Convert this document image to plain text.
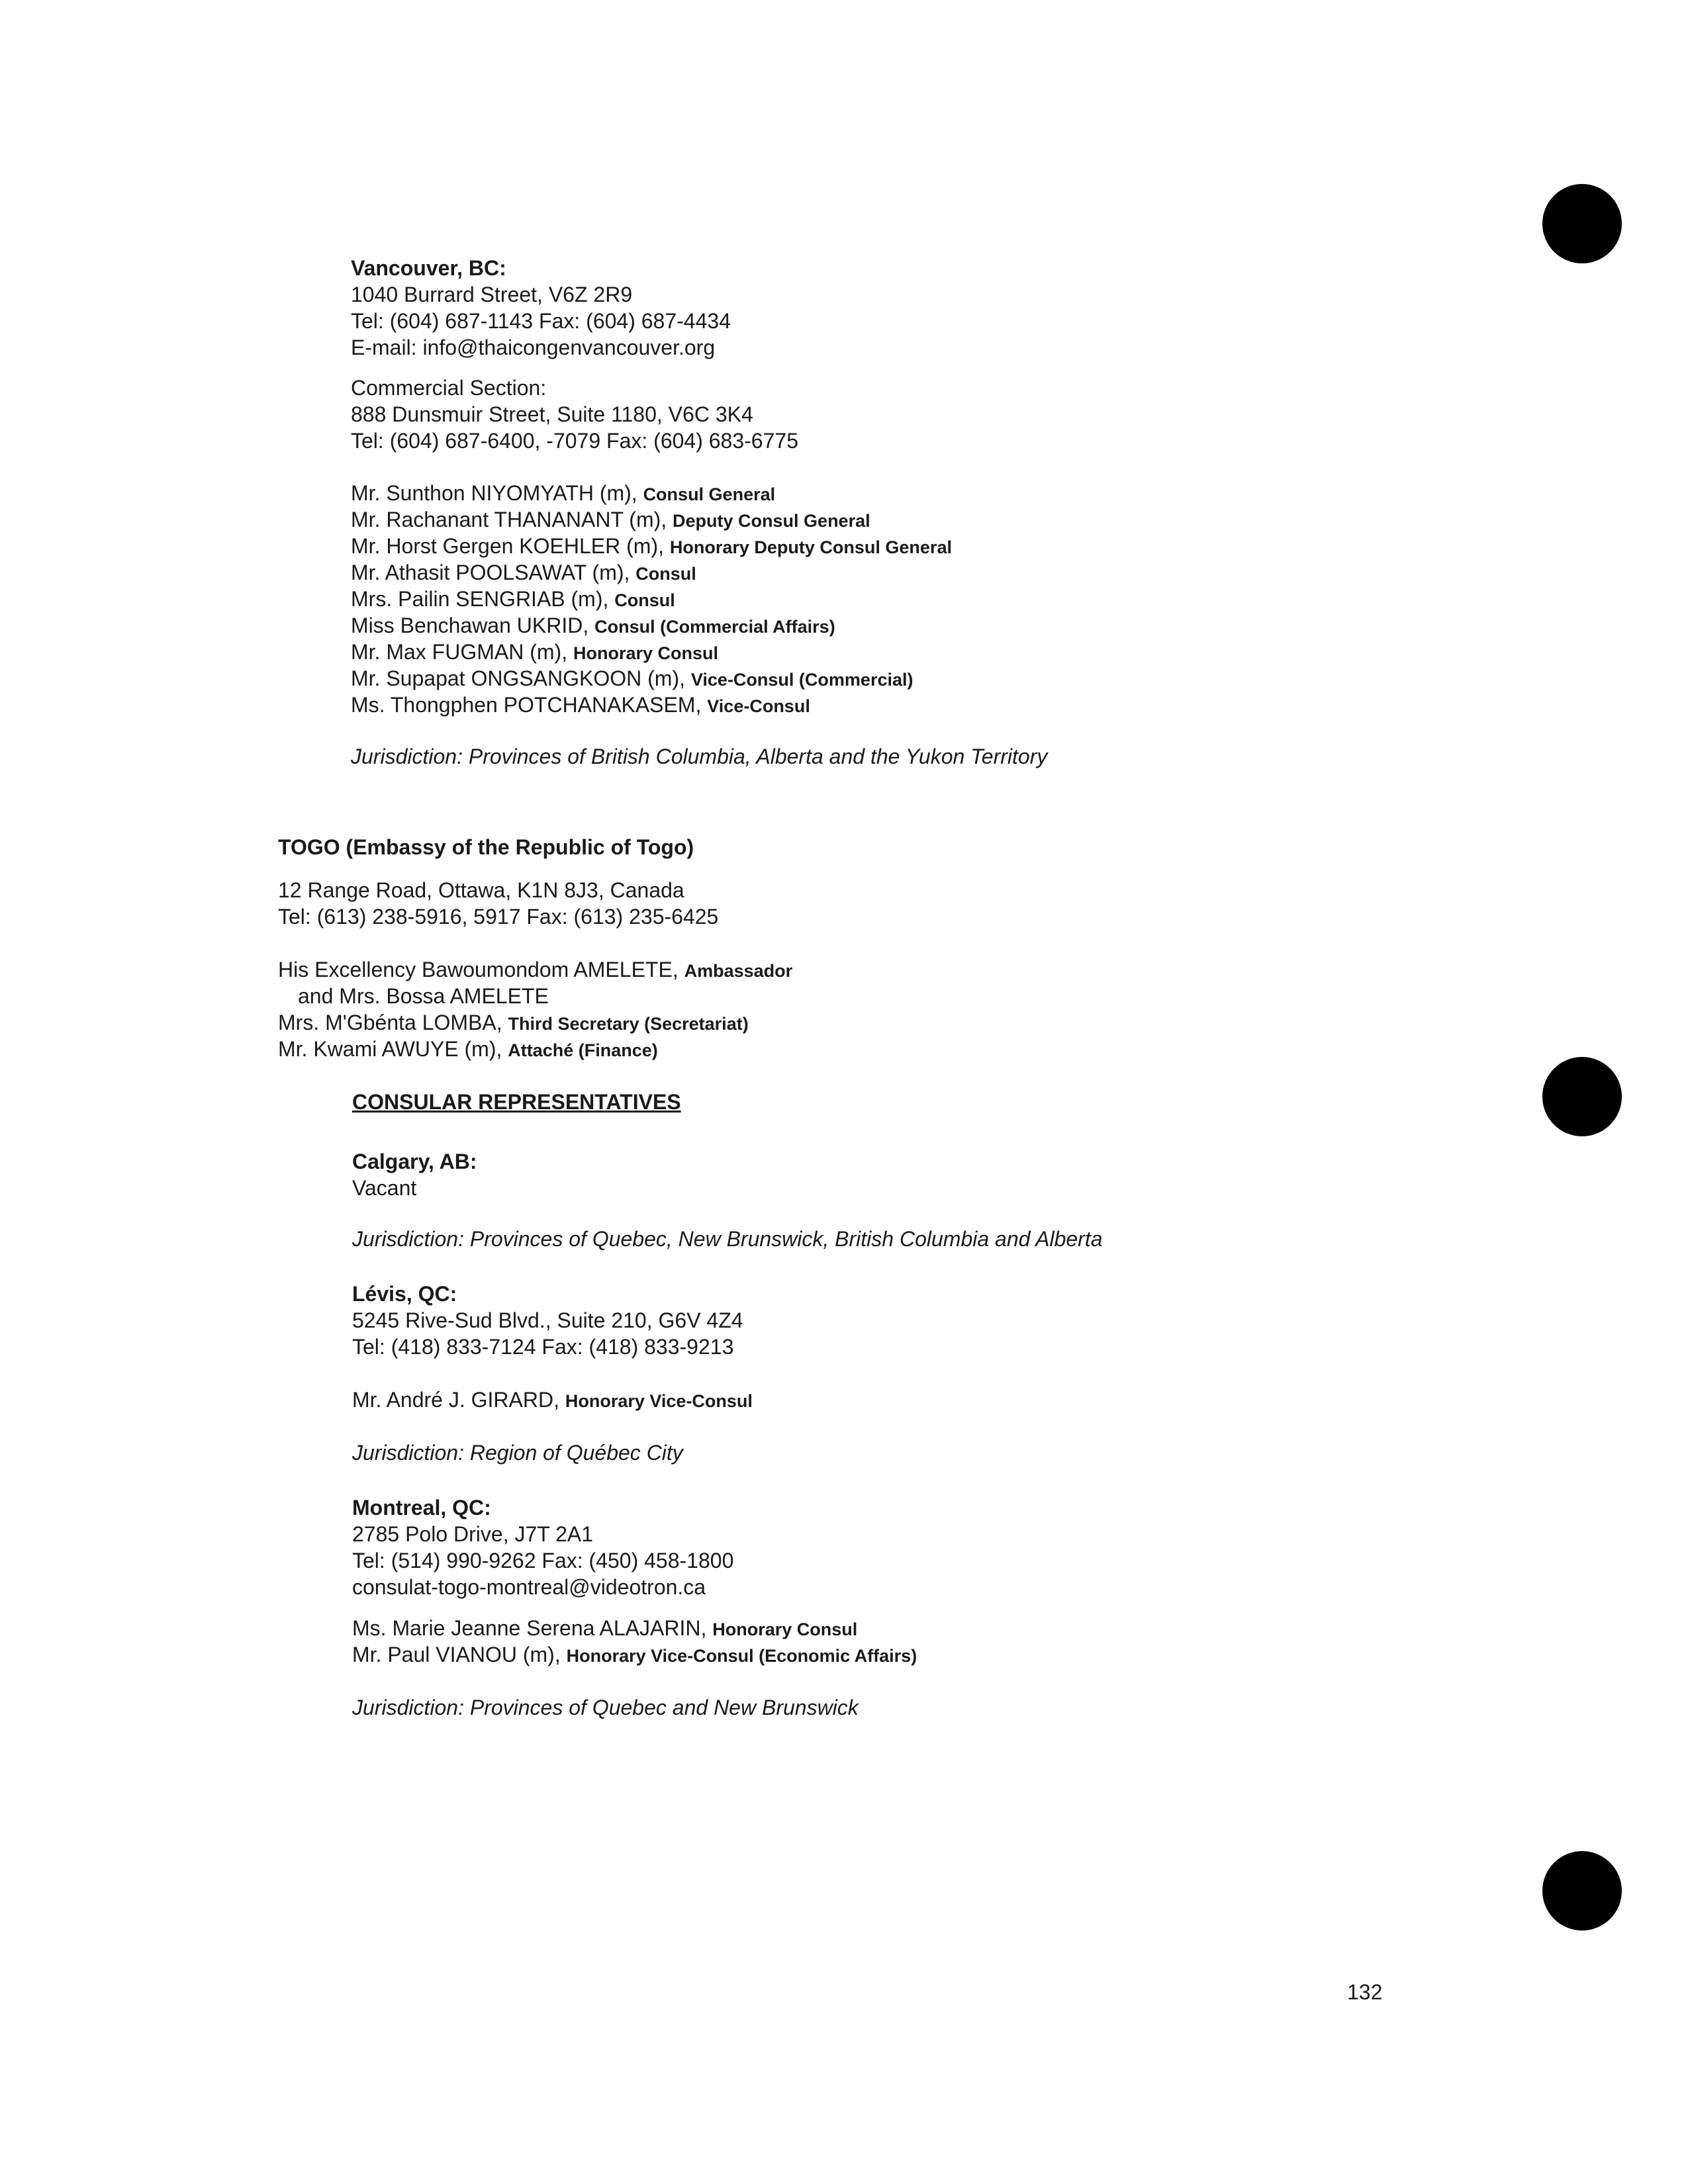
Vancouver, BC:
1040 Burrard Street, V6Z 2R9
Tel: (604) 687-1143 Fax: (604) 687-4434
E-mail: info@thaicongenvancouver.org
Commercial Section:
888 Dunsmuir Street, Suite 1180, V6C 3K4
Tel: (604) 687-6400, -7079 Fax: (604) 683-6775
Mr. Sunthon NIYOMYATH (m), Consul General
Mr. Rachanant THANANANT (m), Deputy Consul General
Mr. Horst Gergen KOEHLER (m), Honorary Deputy Consul General
Mr. Athasit POOLSAWAT (m), Consul
Mrs. Pailin SENGRIAB (m), Consul
Miss Benchawan UKRID, Consul (Commercial Affairs)
Mr. Max FUGMAN (m), Honorary Consul
Mr. Supapat ONGSANGKOON (m), Vice-Consul (Commercial)
Ms. Thongphen POTCHANAKASEM, Vice-Consul
Jurisdiction: Provinces of British Columbia, Alberta and the Yukon Territory
TOGO (Embassy of the Republic of Togo)
12 Range Road, Ottawa, K1N 8J3, Canada
Tel: (613) 238-5916, 5917 Fax: (613) 235-6425
His Excellency Bawoumondom AMELETE, Ambassador
and Mrs. Bossa AMELETE
Mrs. M'Gbénta LOMBA, Third Secretary (Secretariat)
Mr. Kwami AWUYE (m), Attaché (Finance)
CONSULAR REPRESENTATIVES
Calgary, AB:
Vacant
Jurisdiction: Provinces of Quebec, New Brunswick, British Columbia and Alberta
Lévis, QC:
5245 Rive-Sud Blvd., Suite 210, G6V 4Z4
Tel: (418) 833-7124 Fax: (418) 833-9213
Mr. André J. GIRARD, Honorary Vice-Consul
Jurisdiction: Region of Québec City
Montreal, QC:
2785 Polo Drive, J7T 2A1
Tel: (514) 990-9262 Fax: (450) 458-1800
consulat-togo-montreal@videotron.ca
Ms. Marie Jeanne Serena ALAJARIN, Honorary Consul
Mr. Paul VIANOU (m), Honorary Vice-Consul (Economic Affairs)
Jurisdiction: Provinces of Quebec and New Brunswick
132
